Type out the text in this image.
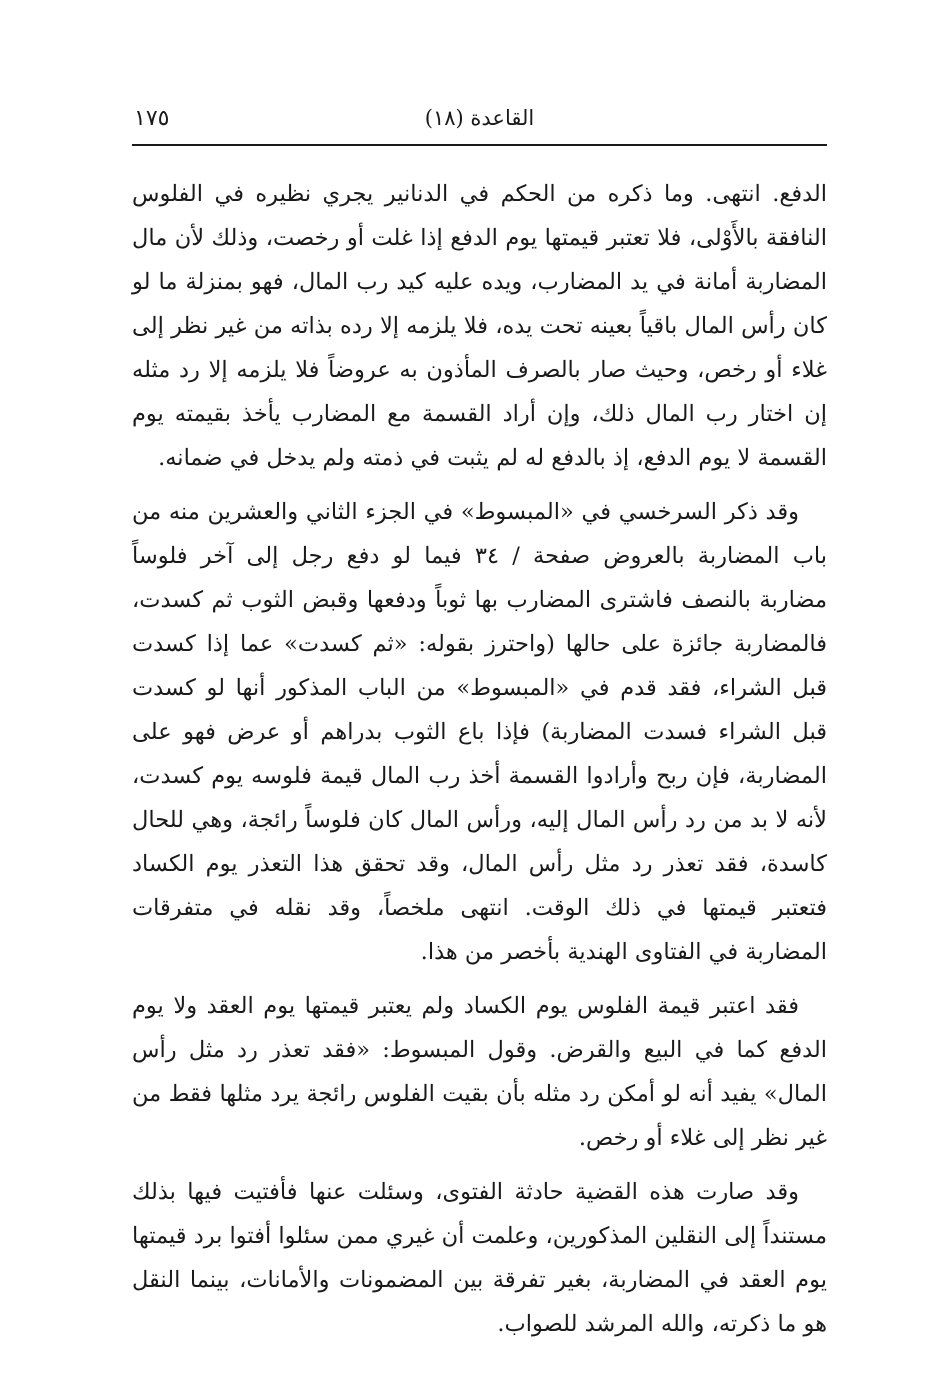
القاعدة (١٨)
١٧٥

الدفع. انتهى. وما ذكره من الحكم في الدنانير يجري نظيره في الفلوس النافقة بالأَوْلى، فلا تعتبر قيمتها يوم الدفع إذا غلت أو رخصت، وذلك لأن مال المضاربة أمانة في يد المضارب، ويده عليه كيد رب المال، فهو بمنزلة ما لو كان رأس المال باقياً بعينه تحت يده، فلا يلزمه إلا رده بذاته من غير نظر إلى غلاء أو رخص، وحيث صار بالصرف المأذون به عروضاً فلا يلزمه إلا رد مثله إن اختار رب المال ذلك، وإن أراد القسمة مع المضارب يأخذ بقيمته يوم القسمة لا يوم الدفع، إذ بالدفع له لم يثبت في ذمته ولم يدخل في ضمانه.

وقد ذكر السرخسي في «المبسوط» في الجزء الثاني والعشرين منه من باب المضاربة بالعروض صفحة / ٣٤ فيما لو دفع رجل إلى آخر فلوساً مضاربة بالنصف فاشترى المضارب بها ثوباً ودفعها وقبض الثوب ثم كسدت، فالمضاربة جائزة على حالها (واحترز بقوله: «ثم كسدت» عما إذا كسدت قبل الشراء، فقد قدم في «المبسوط» من الباب المذكور أنها لو كسدت قبل الشراء فسدت المضاربة) فإذا باع الثوب بدراهم أو عرض فهو على المضاربة، فإن ربح وأرادوا القسمة أخذ رب المال قيمة فلوسه يوم كسدت، لأنه لا بد من رد رأس المال إليه، ورأس المال كان فلوساً رائجة، وهي للحال كاسدة، فقد تعذر رد مثل رأس المال، وقد تحقق هذا التعذر يوم الكساد فتعتبر قيمتها في ذلك الوقت. انتهى ملخصاً، وقد نقله في متفرقات المضاربة في الفتاوى الهندية بأخصر من هذا.

فقد اعتبر قيمة الفلوس يوم الكساد ولم يعتبر قيمتها يوم العقد ولا يوم الدفع كما في البيع والقرض. وقول المبسوط: «فقد تعذر رد مثل رأس المال» يفيد أنه لو أمكن رد مثله بأن بقيت الفلوس رائجة يرد مثلها فقط من غير نظر إلى غلاء أو رخص.

وقد صارت هذه القضية حادثة الفتوى، وسئلت عنها فأفتيت فيها بذلك مستنداً إلى النقلين المذكورين، وعلمت أن غيري ممن سئلوا أفتوا برد قيمتها يوم العقد في المضاربة، بغير تفرقة بين المضمونات والأمانات، بينما النقل هو ما ذكرته، والله المرشد للصواب.
